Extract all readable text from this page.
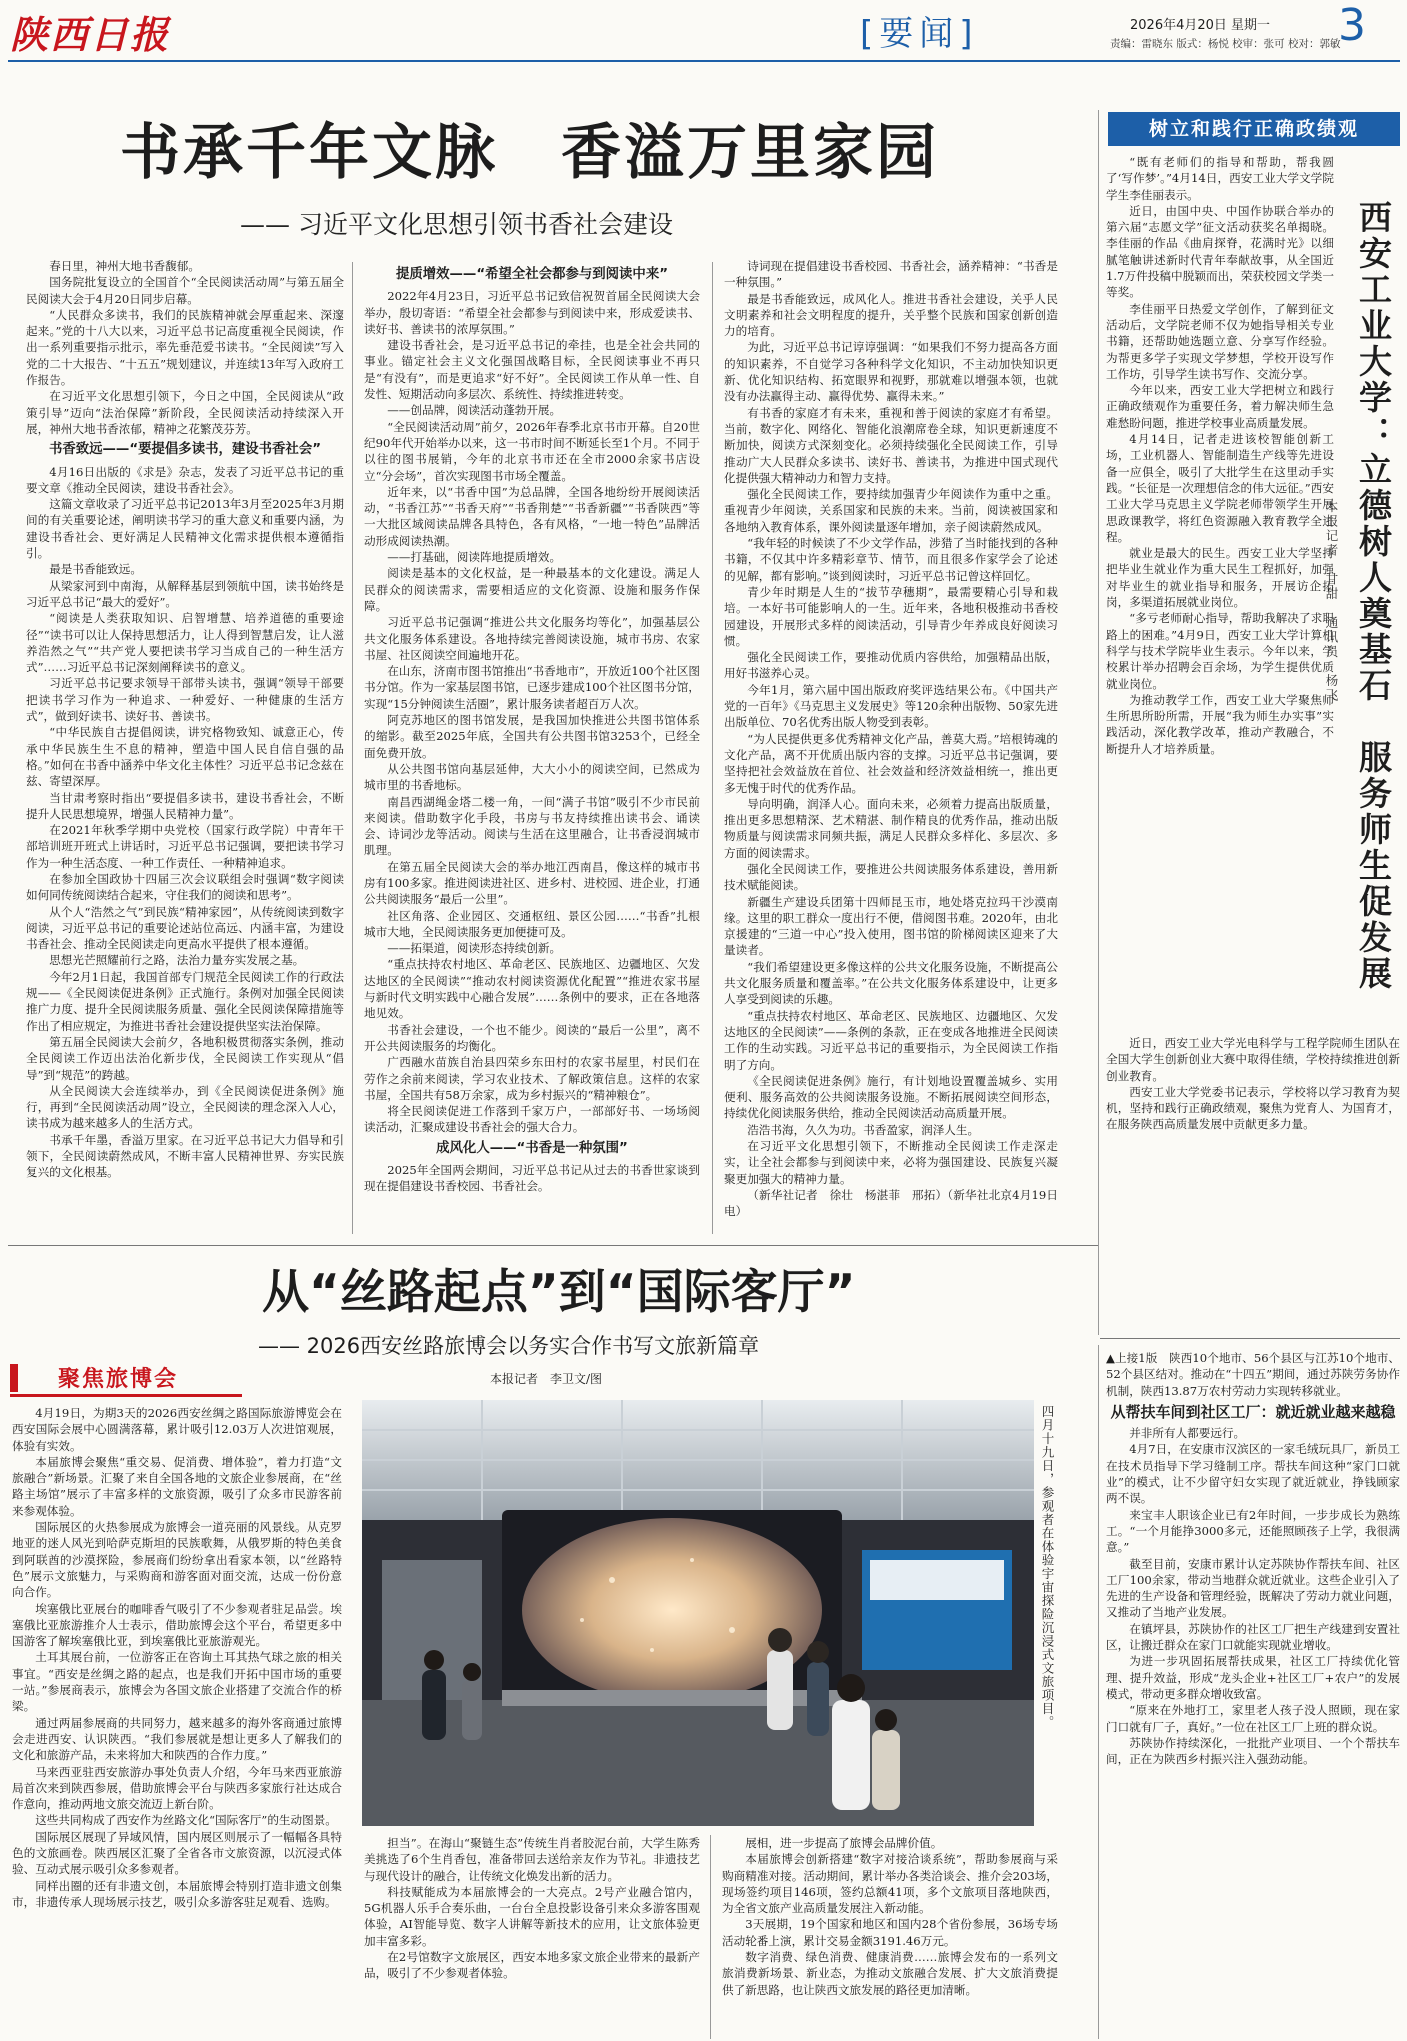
陕西日报	[要闻]	2026年4月20日 星期一
责编：雷晓东 版式：杨悦 校审：张可 校对：郭敏
3
书承千年文脉　香溢万里家园
—— 习近平文化思想引领书香社会建设

春日里，神州大地书香馥郁。

国务院批复设立的全国首个“全民阅读活动周”与第五届全民阅读大会于4月20日同步启幕。

“人民群众多读书，我们的民族精神就会厚重起来、深邃起来。”党的十八大以来，习近平总书记高度重视全民阅读，作出一系列重要指示批示，率先垂范爱书读书。“全民阅读”写入党的二十大报告、“十五五”规划建议，并连续13年写入政府工作报告。

在习近平文化思想引领下，今日之中国，全民阅读从“政策引导”迈向“法治保障”新阶段，全民阅读活动持续深入开展，神州大地书香浓郁，精神之花繁茂芬芳。

书香致远——“要提倡多读书，建设书香社会”

4月16日出版的《求是》杂志，发表了习近平总书记的重要文章《推动全民阅读，建设书香社会》。

这篇文章收录了习近平总书记2013年3月至2025年3月期间的有关重要论述，阐明读书学习的重大意义和重要内涵，为建设书香社会、更好满足人民精神文化需求提供根本遵循指引。

最是书香能致远。

从梁家河到中南海，从解释基层到领航中国，读书始终是习近平总书记“最大的爱好”。

“阅读是人类获取知识、启智增慧、培养道德的重要途径”“读书可以让人保持思想活力，让人得到智慧启发，让人滋养浩然之气”“共产党人要把读书学习当成自己的一种生活方式”……习近平总书记深刻阐释读书的意义。

习近平总书记要求领导干部带头读书，强调“领导干部要把读书学习作为一种追求、一种爱好、一种健康的生活方式”，做到好读书、读好书、善读书。

“中华民族自古提倡阅读，讲究格物致知、诚意正心，传承中华民族生生不息的精神，塑造中国人民自信自强的品格。”如何在书香中涵养中华文化主体性？习近平总书记念兹在兹、寄望深厚。

当甘肃考察时指出“要提倡多读书，建设书香社会，不断提升人民思想境界，增强人民精神力量”。

在2021年秋季学期中央党校（国家行政学院）中青年干部培训班开班式上讲话时，习近平总书记强调，要把读书学习作为一种生活态度、一种工作责任、一种精神追求。

在参加全国政协十四届三次会议联组会时强调“数字阅读如何同传统阅读结合起来，守住我们的阅读和思考”。

从个人“浩然之气”到民族“精神家园”，从传统阅读到数字阅读，习近平总书记的重要论述站位高远、内涵丰富，为建设书香社会、推动全民阅读走向更高水平提供了根本遵循。

思想光芒照耀前行之路，法治力量夯实发展之基。

今年2月1日起，我国首部专门规范全民阅读工作的行政法规——《全民阅读促进条例》正式施行。条例对加强全民阅读推广力度、提升全民阅读服务质量、强化全民阅读保障措施等作出了相应规定，为推进书香社会建设提供坚实法治保障。

第五届全民阅读大会前夕，各地积极贯彻落实条例，推动全民阅读工作迈出法治化新步伐，全民阅读工作实现从“倡导”到“规范”的跨越。

从全民阅读大会连续举办，到《全民阅读促进条例》施行，再到“全民阅读活动周”设立，全民阅读的理念深入人心，读书成为越来越多人的生活方式。

书承千年墨，香溢万里家。在习近平总书记大力倡导和引领下，全民阅读蔚然成风，不断丰富人民精神世界、夯实民族复兴的文化根基。

提质增效——“希望全社会都参与到阅读中来”

2022年4月23日，习近平总书记致信祝贺首届全民阅读大会举办，殷切寄语：“希望全社会都参与到阅读中来，形成爱读书、读好书、善读书的浓厚氛围。”

建设书香社会，是习近平总书记的牵挂，也是全社会共同的事业。锚定社会主义文化强国战略目标，全民阅读事业不再只是“有没有”，而是更追求“好不好”。全民阅读工作从单一性、自发性、短期活动向多层次、系统性、持续推进转变。

——创品牌，阅读活动蓬勃开展。

“全民阅读活动周”前夕，2026年春季北京书市开幕。自20世纪90年代开始举办以来，这一书市时间不断延长至1个月。不同于以往的图书展销，今年的北京书市还在全市2000余家书店设立“分会场”，首次实现图书市场全覆盖。

近年来，以“书香中国”为总品牌，全国各地纷纷开展阅读活动，“书香江苏”“书香天府”“书香荆楚”“书香新疆”“书香陕西”等一大批区域阅读品牌各具特色，各有风格，“一地一特色”品牌活动形成阅读热潮。

——打基础，阅读阵地提质增效。

阅读是基本的文化权益，是一种最基本的文化建设。满足人民群众的阅读需求，需要相适应的文化资源、设施和服务作保障。

习近平总书记强调“推进公共文化服务均等化”，加强基层公共文化服务体系建设。各地持续完善阅读设施，城市书房、农家书屋、社区阅读空间遍地开花。

在山东，济南市图书馆推出“书香地市”，开放近100个社区图书分馆。作为一家基层图书馆，已逐步建成100个社区图书分馆，实现“15分钟阅读生活圈”，累计服务读者超百万人次。

阿克苏地区的图书馆发展，是我国加快推进公共图书馆体系的缩影。截至2025年底，全国共有公共图书馆3253个，已经全面免费开放。

从公共图书馆向基层延伸，大大小小的阅读空间，已然成为城市里的书香地标。

南昌西湖绳金塔二楼一角，一间“满子书馆”吸引不少市民前来阅读。借助数字化手段，书房与书友持续推出读书会、诵读会、诗词沙龙等活动。阅读与生活在这里融合，让书香浸润城市肌理。

在第五届全民阅读大会的举办地江西南昌，像这样的城市书房有100多家。推进阅读进社区、进乡村、进校园、进企业，打通公共阅读服务“最后一公里”。

社区角落、企业园区、交通枢纽、景区公园……“书香”扎根城市大地，全民阅读服务更加便捷可及。

——拓渠道，阅读形态持续创新。

“重点扶持农村地区、革命老区、民族地区、边疆地区、欠发达地区的全民阅读”“推动农村阅读资源优化配置”“推进农家书屋与新时代文明实践中心融合发展”……条例中的要求，正在各地落地见效。

书香社会建设，一个也不能少。阅读的“最后一公里”，离不开公共阅读服务的均衡化。

广西融水苗族自治县四荣乡东田村的农家书屋里，村民们在劳作之余前来阅读，学习农业技术、了解政策信息。这样的农家书屋，全国共有58万余家，成为乡村振兴的“精神粮仓”。

将全民阅读促进工作落到千家万户，一部部好书、一场场阅读活动，汇聚成建设书香社会的强大合力。

成风化人——“书香是一种氛围”

2025年全国两会期间，习近平总书记从过去的书香世家谈到现在提倡建设书香校园、书香社会。

诗词现在提倡建设书香校园、书香社会，涵养精神：“书香是一种氛围。”

最是书香能致远，成风化人。推进书香社会建设，关乎人民文明素养和社会文明程度的提升，关乎整个民族和国家创新创造力的培育。

为此，习近平总书记谆谆强调：“如果我们不努力提高各方面的知识素养，不自觉学习各种科学文化知识，不主动加快知识更新、优化知识结构、拓宽眼界和视野，那就难以增强本领，也就没有办法赢得主动、赢得优势、赢得未来。”

有书香的家庭才有未来，重视和善于阅读的家庭才有希望。当前，数字化、网络化、智能化浪潮席卷全球，知识更新速度不断加快，阅读方式深刻变化。必须持续强化全民阅读工作，引导推动广大人民群众多读书、读好书、善读书，为推进中国式现代化提供强大精神动力和智力支持。

强化全民阅读工作，要持续加强青少年阅读作为重中之重。重视青少年阅读，关系国家和民族的未来。当前，阅读被国家和各地纳入教育体系，课外阅读量逐年增加，亲子阅读蔚然成风。

“我年轻的时候读了不少文学作品，涉猎了当时能找到的各种书籍，不仅其中许多精彩章节、情节，而且很多作家学会了论述的见解，都有影响。”谈到阅读时，习近平总书记曾这样回忆。

青少年时期是人生的“拔节孕穗期”，最需要精心引导和栽培。一本好书可能影响人的一生。近年来，各地积极推动书香校园建设，开展形式多样的阅读活动，引导青少年养成良好阅读习惯。

强化全民阅读工作，要推动优质内容供给，加强精品出版，用好书滋养心灵。

今年1月，第六届中国出版政府奖评选结果公布。《中国共产党的一百年》《马克思主义发展史》等120余种出版物、50家先进出版单位、70名优秀出版人物受到表彰。

“为人民提供更多优秀精神文化产品，善莫大焉。”培根铸魂的文化产品，离不开优质出版内容的支撑。习近平总书记强调，要坚持把社会效益放在首位、社会效益和经济效益相统一，推出更多无愧于时代的优秀作品。

导向明确，润泽人心。面向未来，必须着力提高出版质量，推出更多思想精深、艺术精湛、制作精良的优秀作品，推动出版物质量与阅读需求同频共振，满足人民群众多样化、多层次、多方面的阅读需求。

强化全民阅读工作，要推进公共阅读服务体系建设，善用新技术赋能阅读。

新疆生产建设兵团第十四师昆玉市，地处塔克拉玛干沙漠南缘。这里的职工群众一度出行不便，借阅图书难。2020年，由北京援建的“三道一中心”投入使用，图书馆的阶梯阅读区迎来了大量读者。

“我们希望建设更多像这样的公共文化服务设施，不断提高公共文化服务质量和覆盖率。”在公共文化服务体系建设中，让更多人享受到阅读的乐趣。

“重点扶持农村地区、革命老区、民族地区、边疆地区、欠发达地区的全民阅读”——条例的条款，正在变成各地推进全民阅读工作的生动实践。习近平总书记的重要指示，为全民阅读工作指明了方向。

《全民阅读促进条例》施行，有计划地设置覆盖城乡、实用便利、服务高效的公共阅读服务设施。不断拓展阅读空间形态，持续优化阅读服务供给，推动全民阅读活动高质量开展。

浩浩书海，久久为功。书香盈家，润泽人生。

在习近平文化思想引领下，不断推动全民阅读工作走深走实，让全社会都参与到阅读中来，必将为强国建设、民族复兴凝聚更加强大的精神力量。

（新华社记者　徐壮　杨湛菲　邢拓）（新华社北京4月19日电）

树立和践行正确政绩观

“既有老师们的指导和帮助，帮我圆了‘写作梦’。”4月14日，西安工业大学文学院学生李佳丽表示。

近日，由国中央、中国作协联合举办的第六届“志愿文学”征文活动获奖名单揭晓。李佳丽的作品《曲肩探脊，花满时光》以细腻笔触讲述新时代青年奉献故事，从全国近1.7万件投稿中脱颖而出，荣获校园文学类一等奖。

李佳丽平日热爱文学创作，了解到征文活动后，文学院老师不仅为她指导相关专业书籍，还帮助她选题立意、分享写作经验。为帮更多学子实现文学梦想，学校开设写作工作坊，引导学生读书写作、交流分享。

今年以来，西安工业大学把树立和践行正确政绩观作为重要任务，着力解决师生急难愁盼问题，推进学校事业高质量发展。

4月14日，记者走进该校智能创新工场，工业机器人、智能制造生产线等先进设备一应俱全，吸引了大批学生在这里动手实践。“长征是一次理想信念的伟大远征。”西安工业大学马克思主义学院老师带领学生开展思政课教学，将红色资源融入教育教学全过程。

就业是最大的民生。西安工业大学坚持把毕业生就业作为重大民生工程抓好，加强对毕业生的就业指导和服务，开展访企拓岗，多渠道拓展就业岗位。

“多亏老师耐心指导，帮助我解决了求职路上的困难。”4月9日，西安工业大学计算机科学与技术学院毕业生表示。今年以来，学校累计举办招聘会百余场，为学生提供优质就业岗位。

为推动教学工作，西安工业大学聚焦师生所思所盼所需，开展“我为师生办实事”实践活动，深化教学改革，推动产教融合，不断提升人才培养质量。	西安工业大学：立德树人奠基石　服务师生促发展
本报记者　甘甜　通讯员　杨飞

近日，西安工业大学光电科学与工程学院师生团队在全国大学生创新创业大赛中取得佳绩，学校持续推进创新创业教育。

西安工业大学党委书记表示，学校将以学习教育为契机，坚持和践行正确政绩观，聚焦为党育人、为国育才，在服务陕西高质量发展中贡献更多力量。

从“丝路起点”到“国际客厅”
—— 2026西安丝路旅博会以务实合作书写文旅新篇章
本报记者　李卫文/图
聚焦旅博会

4月19日，为期3天的2026西安丝绸之路国际旅游博览会在西安国际会展中心圆满落幕，累计吸引12.03万人次进馆观展，体验有实效。

本届旅博会聚焦“重交易、促消费、增体验”，着力打造“文旅融合”新场景。汇聚了来自全国各地的文旅企业参展商，在“丝路主场馆”展示了丰富多样的文旅资源，吸引了众多市民游客前来参观体验。

国际展区的火热参展成为旅博会一道亮丽的风景线。从克罗地亚的迷人风光到哈萨克斯坦的民族歌舞，从俄罗斯的特色美食到阿联酋的沙漠探险，参展商们纷纷拿出看家本领，以“丝路特色”展示文旅魅力，与采购商和游客面对面交流，达成一份份意向合作。

埃塞俄比亚展台的咖啡香气吸引了不少参观者驻足品尝。埃塞俄比亚旅游推介人士表示，借助旅博会这个平台，希望更多中国游客了解埃塞俄比亚，到埃塞俄比亚旅游观光。

土耳其展台前，一位游客正在咨询土耳其热气球之旅的相关事宜。“西安是丝绸之路的起点，也是我们开拓中国市场的重要一站。”参展商表示，旅博会为各国文旅企业搭建了交流合作的桥梁。

通过两届参展商的共同努力，越来越多的海外客商通过旅博会走进西安、认识陕西。“我们参展就是想让更多人了解我们的文化和旅游产品，未来将加大和陕西的合作力度。”

马来西亚驻西安旅游办事处负责人介绍，今年马来西亚旅游局首次来到陕西参展，借助旅博会平台与陕西多家旅行社达成合作意向，推动两地文旅交流迈上新台阶。

这些共同构成了西安作为丝路文化“国际客厅”的生动图景。

国际展区展现了异域风情，国内展区则展示了一幅幅各具特色的文旅画卷。陕西展区汇聚了全省各市文旅资源，以沉浸式体验、互动式展示吸引众多参观者。

同样出圈的还有非遗文创，本届旅博会特别打造非遗文创集市，非遗传承人现场展示技艺，吸引众多游客驻足观看、选购。

四月十九日，参观者在体验宇宙探险沉浸式文旅项目。

担当”。在海山“聚链生态”传统生肖者胶泥台前，大学生陈秀美挑选了6个生肖香包，准备带回去送给亲友作为节礼。非遗技艺与现代设计的融合，让传统文化焕发出新的活力。

科技赋能成为本届旅博会的一大亮点。2号产业融合馆内，5G机器人乐手合奏乐曲，一台台全息投影设备引来众多游客围观体验，AI智能导览、数字人讲解等新技术的应用，让文旅体验更加丰富多彩。

在2号馆数字文旅展区，西安本地多家文旅企业带来的最新产品，吸引了不少参观者体验。

展相，进一步提高了旅博会品牌价值。

本届旅博会创新搭建“数字对接洽谈系统”，帮助参展商与采购商精准对接。活动期间，累计举办各类洽谈会、推介会203场，现场签约项目146项，签约总额41项，多个文旅项目落地陕西，为全省文旅产业高质量发展注入新动能。

3天展期，19个国家和地区和国内28个省份参展，36场专场活动轮番上演，累计交易金额3191.46万元。

数字消费、绿色消费、健康消费……旅博会发布的一系列文旅消费新场景、新业态，为推动文旅融合发展、扩大文旅消费提供了新思路，也让陕西文旅发展的路径更加清晰。

▲上接1版　陕西10个地市、56个县区与江苏10个地市、52个县区结对。推动在“十四五”期间，通过苏陕劳务协作机制，陕西13.87万农村劳动力实现转移就业。

从帮扶车间到社区工厂：就近就业越来越稳

并非所有人都要远行。

4月7日，在安康市汉滨区的一家毛绒玩具厂，新员工在技术员指导下学习缝制工序。帮扶车间这种“家门口就业”的模式，让不少留守妇女实现了就近就业，挣钱顾家两不误。

来宝丰人职该企业已有2年时间，一步步成长为熟练工。“一个月能挣3000多元，还能照顾孩子上学，我很满意。”

截至目前，安康市累计认定苏陕协作帮扶车间、社区工厂100余家，带动当地群众就近就业。这些企业引入了先进的生产设备和管理经验，既解决了劳动力就业问题，又推动了当地产业发展。

在镇坪县，苏陕协作的社区工厂把生产线建到安置社区，让搬迁群众在家门口就能实现就业增收。

为进一步巩固拓展帮扶成果，社区工厂持续优化管理、提升效益，形成“龙头企业+社区工厂+农户”的发展模式，带动更多群众增收致富。

“原来在外地打工，家里老人孩子没人照顾，现在家门口就有厂子，真好。”一位在社区工厂上班的群众说。

苏陕协作持续深化，一批批产业项目、一个个帮扶车间，正在为陕西乡村振兴注入强劲动能。
